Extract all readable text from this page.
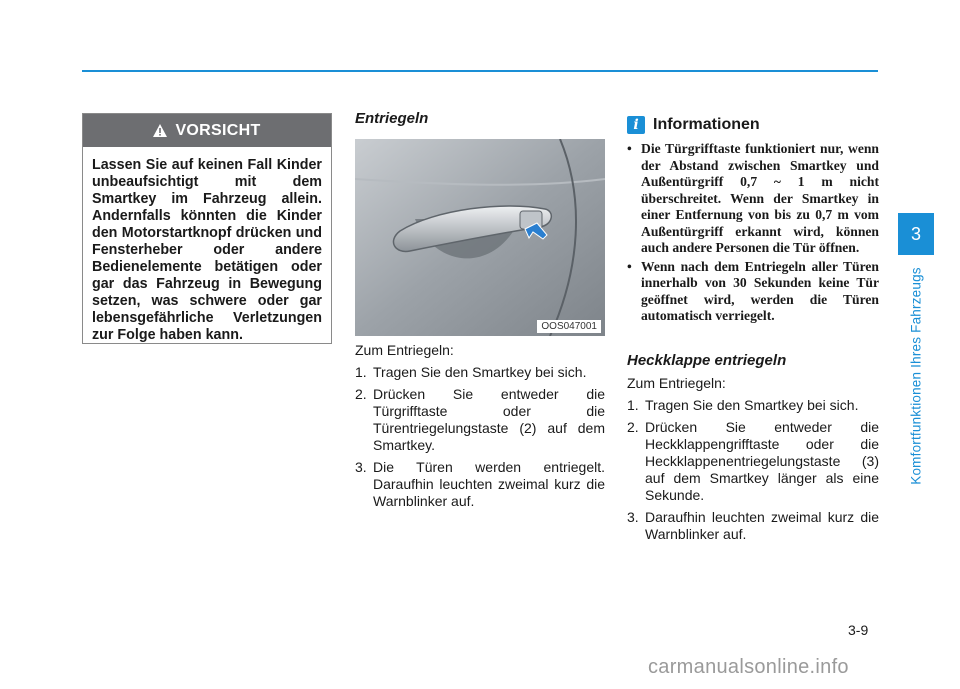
VORSICHT
Lassen Sie auf keinen Fall Kinder unbeaufsichtigt mit dem Smartkey im Fahrzeug allein. Andernfalls könnten die Kinder den Motorstartknopf drücken und Fensterheber oder andere Bedienelemente betätigen oder gar das Fahrzeug in Bewegung setzen, was schwere oder gar lebensgefährliche Verletzungen zur Folge haben kann.
Entriegeln
OOS047001

Zum Entriegeln:

1. Tragen Sie den Smartkey bei sich.
2. Drücken Sie entweder die Türgrifftaste oder die Türentriegelungstaste (2) auf dem Smartkey.
3. Die Türen werden entriegelt. Daraufhin leuchten zweimal kurz die Warnblinker auf.
i Informationen
• Die Türgrifftaste funktioniert nur, wenn der Abstand zwischen Smartkey und Außentürgriff 0,7 ~ 1 m nicht überschreitet. Wenn der Smartkey in einer Entfernung von bis zu 0,7 m vom Außentürgriff erkannt wird, können auch andere Personen die Tür öffnen.
• Wenn nach dem Entriegeln aller Türen innerhalb von 30 Sekunden keine Tür geöffnet wird, werden die Türen automatisch verriegelt.
Heckklappe entriegeln

Zum Entriegeln:

1. Tragen Sie den Smartkey bei sich.
2. Drücken Sie entweder die Heckklappengrifftaste oder die Heckklappenentriegelungstaste (3) auf dem Smartkey länger als eine Sekunde.
3. Daraufhin leuchten zweimal kurz die Warnblinker auf.
3
Komfortfunktionen Ihres Fahrzeugs
3-9
carmanualsonline.info
